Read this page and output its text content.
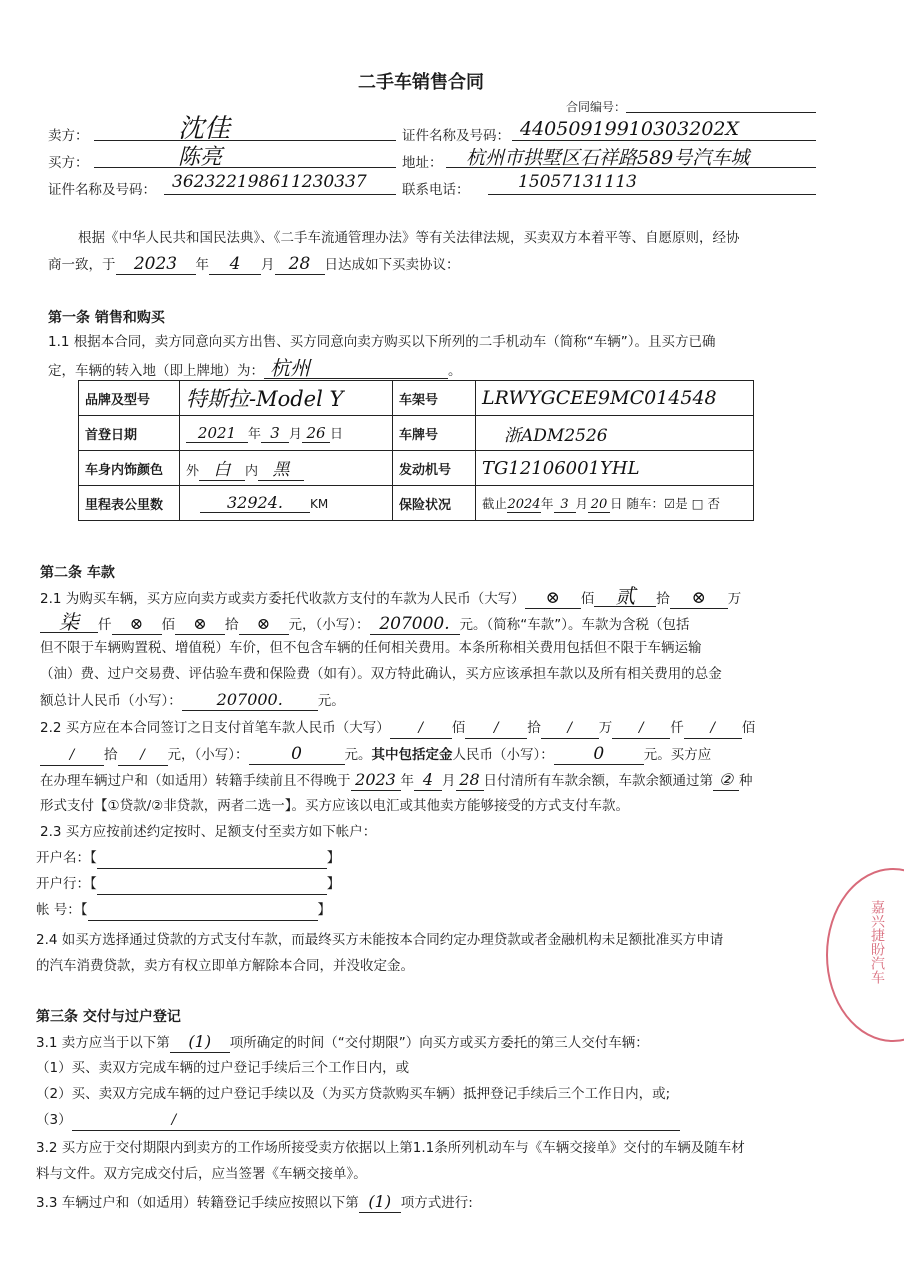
二手车销售合同
合同编号：
卖方：	沈佳	证件名称及号码： 44050919910303202X
买方：	陈亮	地址： 杭州市拱墅区石祥路589号汽车城
证件名称及号码： 362322198611230337	联系电话：	15057131113
根据《中华人民共和国民法典》、《二手车流通管理办法》等有关法律法规，买卖双方本着平等、自愿原则，经协
商一致，于 2023 年 4 月 28 日达成如下买卖协议：
第一条 销售和购买
1.1 根据本合同，卖方同意向买方出售、买方同意向卖方购买以下所列的二手机动车（简称“车辆”）。且买方已确
定，车辆的转入地（即上牌地）为： 杭州	。
品牌及型号	特斯拉-Model Y	车架号	LRWYGCEE9MC014548
首登日期	2021 年 3 月 26 日	车牌号	浙ADM2526
车身内饰颜色	外 白 内 黑	发动机号	TG12106001YHL
里程表公里数	32924. KM	保险状况	截止2024年 3 月 20 日 随车：☑是 □ 否
第二条 车款
2.1 为购买车辆，买方应向卖方或卖方委托代收款方支付的车款为人民币（大写） ⊗ 佰 贰 拾 ⊗ 万
柒 仟 ⊗ 佰 ⊗ 拾 ⊗ 元，（小写）： 207000. 元。（简称“车款”）。车款为含税（包括
但不限于车辆购置税、增值税）车价，但不包含车辆的任何相关费用。本条所称相关费用包括但不限于车辆运输
（油）费、过户交易费、评估验车费和保险费（如有）。双方特此确认，买方应该承担车款以及所有相关费用的总金
额总计人民币（小写）： 207000.	元。
2.2 买方应在本合同签订之日支付首笔车款人民币（大写） / 佰 / 拾 / 万 / 仟 / 佰
/ 拾 / 元，（小写）：	0	元。其中包括定金人民币（小写）： 0	元。买方应
在办理车辆过户和（如适用）转籍手续前且不得晚于 2023 年 4 月 28 日付清所有车款余额，车款余额通过第 ② 种
形式支付【①贷款/②非贷款，两者二选一】。买方应该以电汇或其他卖方能够接受的方式支付车款。
2.3 买方应按前述约定按时、足额支付至卖方如下帐户：
开户名：【	】
开户行：【	】
帐 号：【	】
2.4 如买方选择通过贷款的方式支付车款，而最终买方未能按本合同约定办理贷款或者金融机构未足额批准买方申请
的汽车消费贷款，卖方有权立即单方解除本合同，并没收定金。
第三条 交付与过户登记
3.1 卖方应当于以下第 (1) 项所确定的时间（“交付期限”）向买方或买方委托的第三人交付车辆：
（1）买、卖双方完成车辆的过户登记手续后三个工作日内，或
（2）买、卖双方完成车辆的过户登记手续以及（为买方贷款购买车辆）抵押登记手续后三个工作日内，或;
（3）	/
3.2 买方应于交付期限内到卖方的工作场所接受卖方依据以上第1.1条所列机动车与《车辆交接单》交付的车辆及随车材
料与文件。双方完成交付后，应当签署《车辆交接单》。
3.3 车辆过户和（如适用）转籍登记手续应按照以下第 (1) 项方式进行:
嘉兴捷盼汽车
